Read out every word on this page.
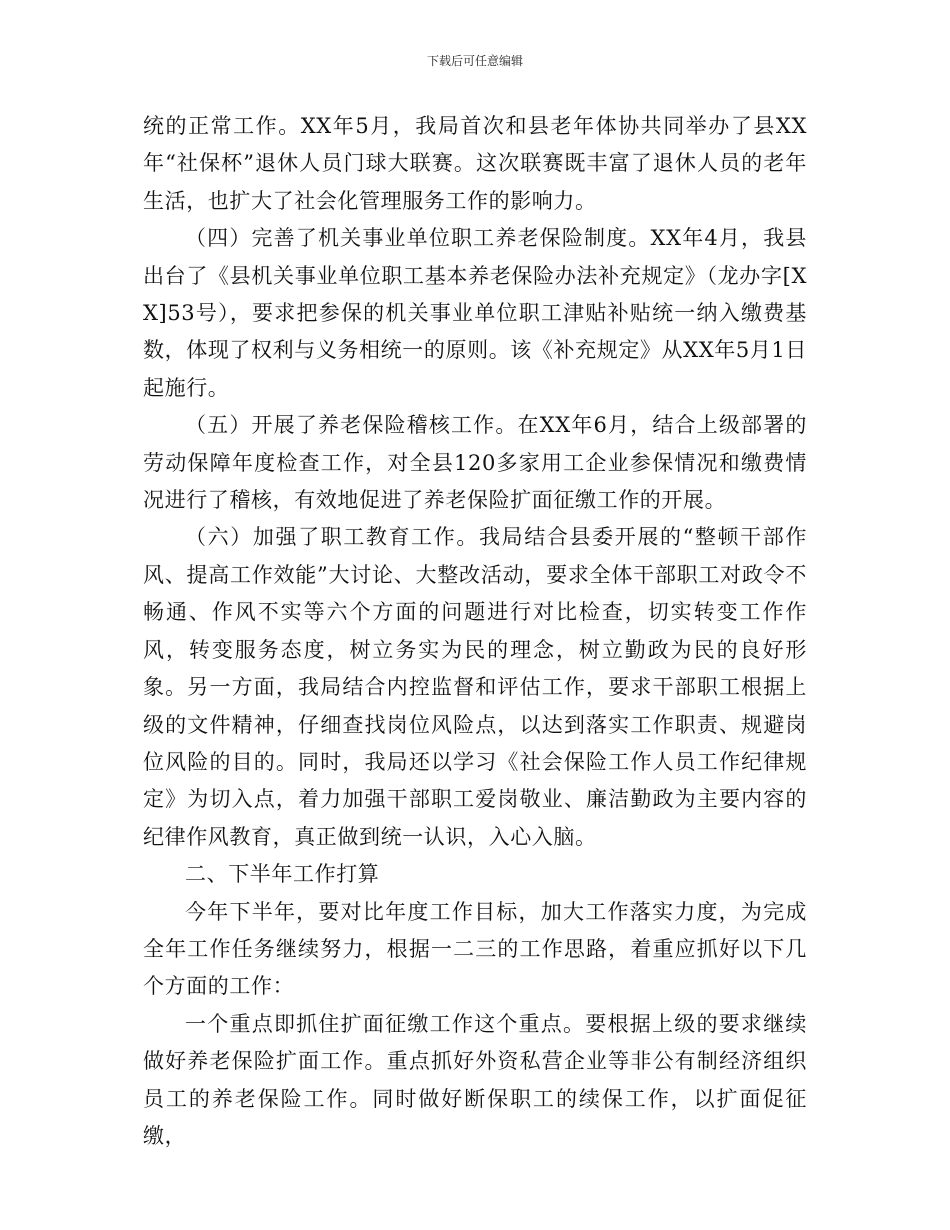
下载后可任意编辑

统的正常工作。XX年5月，我局首次和县老年体协共同举办了县XX年“社保杯”退休人员门球大联赛。这次联赛既丰富了退休人员的老年生活，也扩大了社会化管理服务工作的影响力。

（四）完善了机关事业单位职工养老保险制度。XX年4月，我县出台了《县机关事业单位职工基本养老保险办法补充规定》（龙办字[XX]53号），要求把参保的机关事业单位职工津贴补贴统一纳入缴费基数，体现了权利与义务相统一的原则。该《补充规定》从XX年5月1日起施行。

（五）开展了养老保险稽核工作。在XX年6月，结合上级部署的劳动保障年度检查工作，对全县120多家用工企业参保情况和缴费情况进行了稽核，有效地促进了养老保险扩面征缴工作的开展。

（六）加强了职工教育工作。我局结合县委开展的“整顿干部作风、提高工作效能”大讨论、大整改活动，要求全体干部职工对政令不畅通、作风不实等六个方面的问题进行对比检查，切实转变工作作风，转变服务态度，树立务实为民的理念，树立勤政为民的良好形象。另一方面，我局结合内控监督和评估工作，要求干部职工根据上级的文件精神，仔细查找岗位风险点，以达到落实工作职责、规避岗位风险的目的。同时，我局还以学习《社会保险工作人员工作纪律规定》为切入点，着力加强干部职工爱岗敬业、廉洁勤政为主要内容的纪律作风教育，真正做到统一认识，入心入脑。

二、下半年工作打算

今年下半年，要对比年度工作目标，加大工作落实力度，为完成全年工作任务继续努力，根据一二三的工作思路，着重应抓好以下几个方面的工作：

一个重点即抓住扩面征缴工作这个重点。要根据上级的要求继续做好养老保险扩面工作。重点抓好外资私营企业等非公有制经济组织员工的养老保险工作。同时做好断保职工的续保工作，以扩面促征缴，
